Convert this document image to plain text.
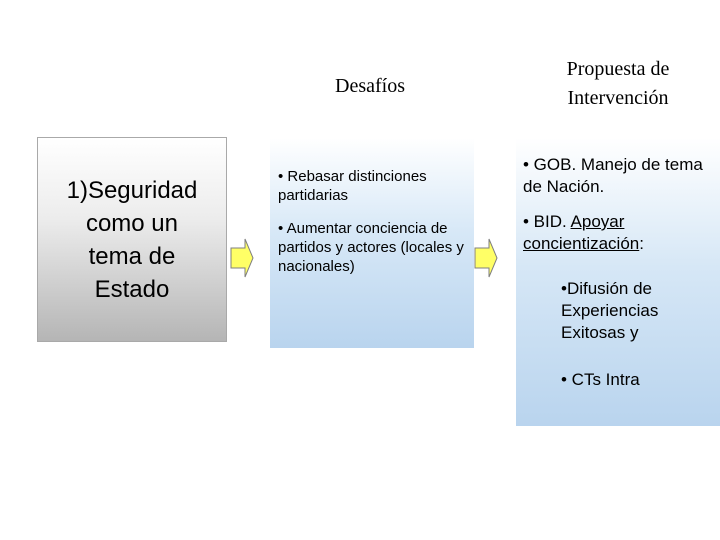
Desafíos
Propuesta de
Intervención
1)Seguridad
como un
tema de
Estado

• Rebasar distinciones partidarias

• Aumentar conciencia de partidos y actores (locales y nacionales)

• GOB. Manejo de tema de Nación.

• BID. Apoyar concientización:

•Difusión de Experiencias Exitosas y

• CTs Intra
